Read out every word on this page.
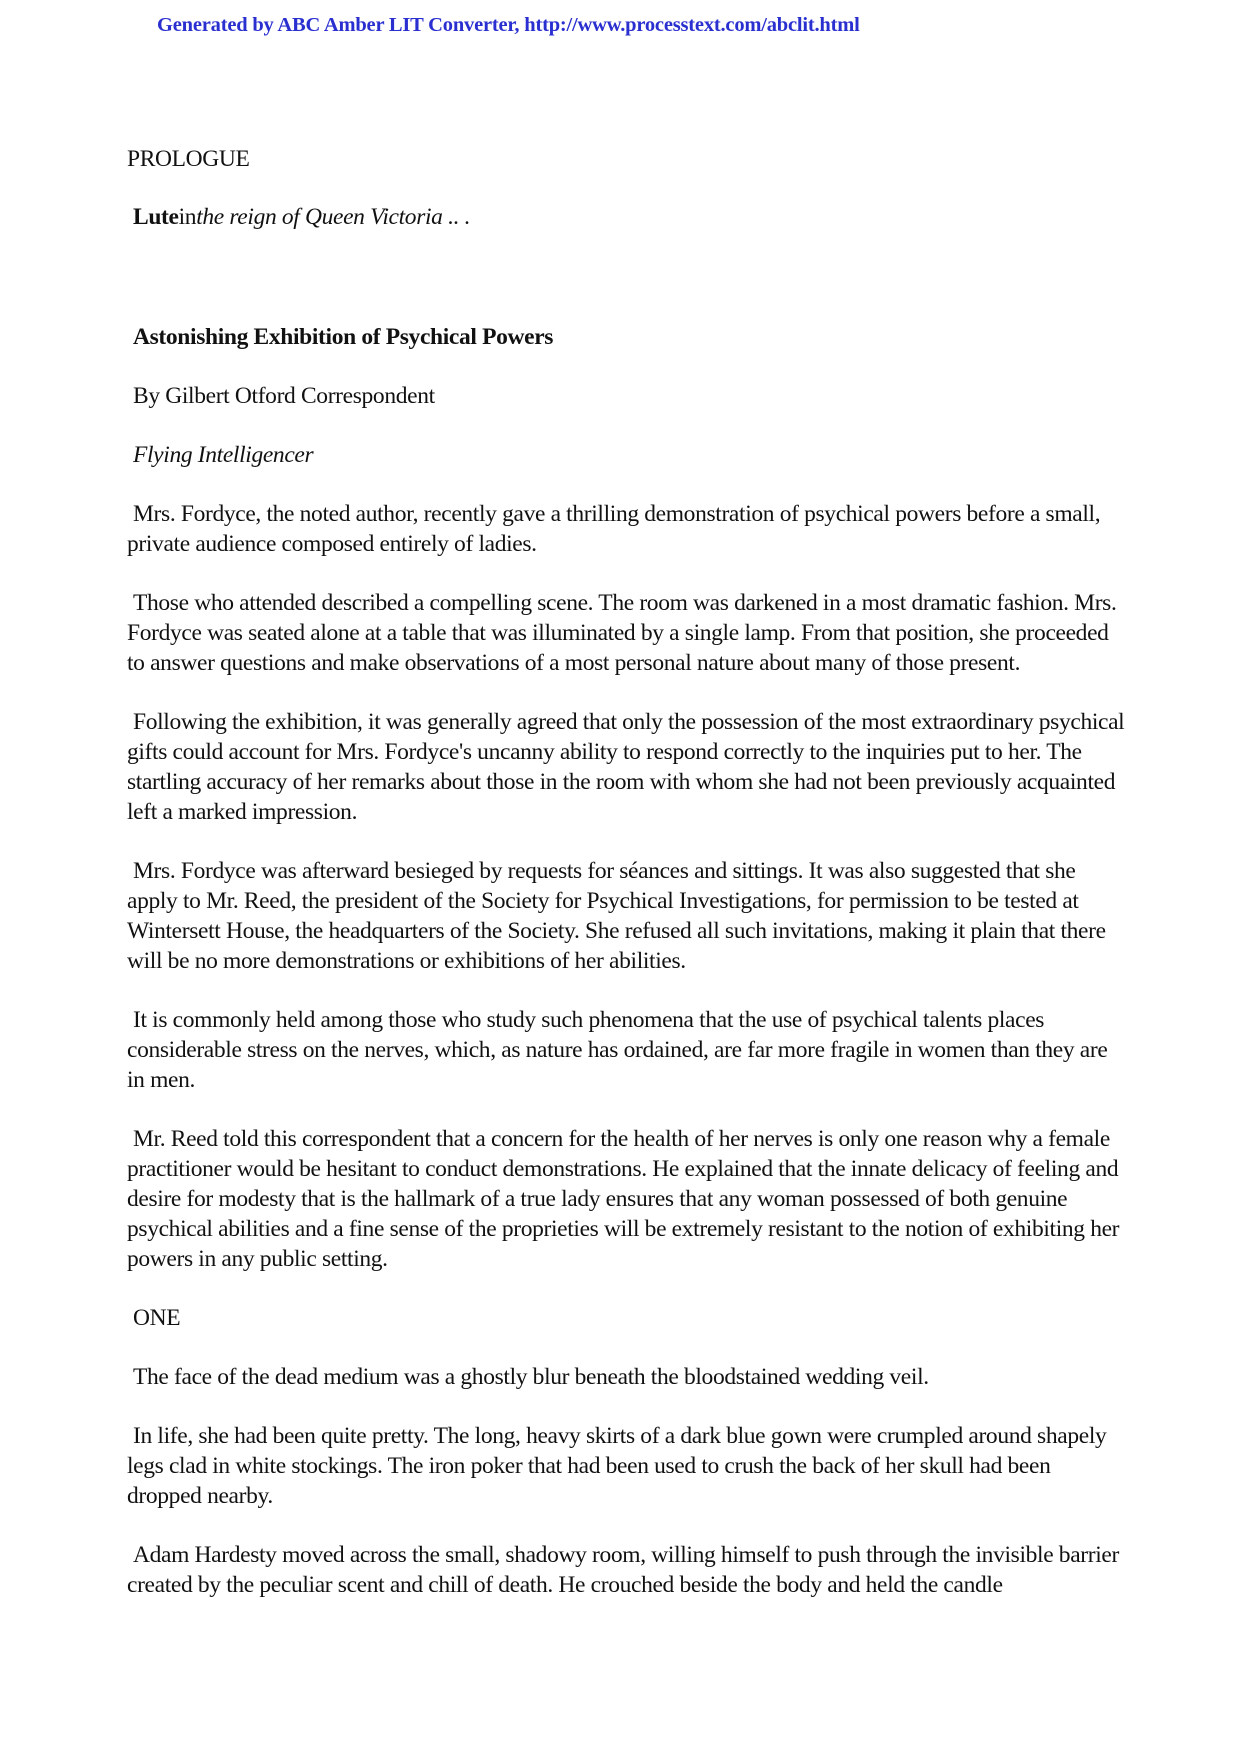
Generated by ABC Amber LIT Converter, http://www.processtext.com/abclit.html

PROLOGUE

Luteinthe reign of Queen Victoria .. .

Astonishing Exhibition of Psychical Powers

By Gilbert Otford Correspondent

Flying Intelligencer

Mrs. Fordyce, the noted author, recently gave a thrilling demonstration of psychical powers before a small, private audience composed entirely of ladies.

Those who attended described a compelling scene. The room was darkened in a most dramatic fashion. Mrs. Fordyce was seated alone at a table that was illuminated by a single lamp. From that position, she proceeded to answer questions and make observations of a most personal nature about many of those present.

Following the exhibition, it was generally agreed that only the possession of the most extraordinary psychical gifts could account for Mrs. Fordyce's uncanny ability to respond correctly to the inquiries put to her. The startling accuracy of her remarks about those in the room with whom she had not been previously acquainted left a marked impression.

Mrs. Fordyce was afterward besieged by requests for séances and sittings. It was also suggested that she apply to Mr. Reed, the president of the Society for Psychical Investigations, for permission to be tested at Wintersett House, the headquarters of the Society. She refused all such invitations, making it plain that there will be no more demonstrations or exhibitions of her abilities.

It is commonly held among those who study such phenomena that the use of psychical talents places considerable stress on the nerves, which, as nature has ordained, are far more fragile in women than they are in men.

Mr. Reed told this correspondent that a concern for the health of her nerves is only one reason why a female practitioner would be hesitant to conduct demonstrations. He explained that the innate delicacy of feeling and desire for modesty that is the hallmark of a true lady ensures that any woman possessed of both genuine psychical abilities and a fine sense of the proprieties will be extremely resistant to the notion of exhibiting her powers in any public setting.

ONE

The face of the dead medium was a ghostly blur beneath the bloodstained wedding veil.

In life, she had been quite pretty. The long, heavy skirts of a dark blue gown were crumpled around shapely legs clad in white stockings. The iron poker that had been used to crush the back of her skull had been dropped nearby.

Adam Hardesty moved across the small, shadowy room, willing himself to push through the invisible barrier created by the peculiar scent and chill of death. He crouched beside the body and held the candle
